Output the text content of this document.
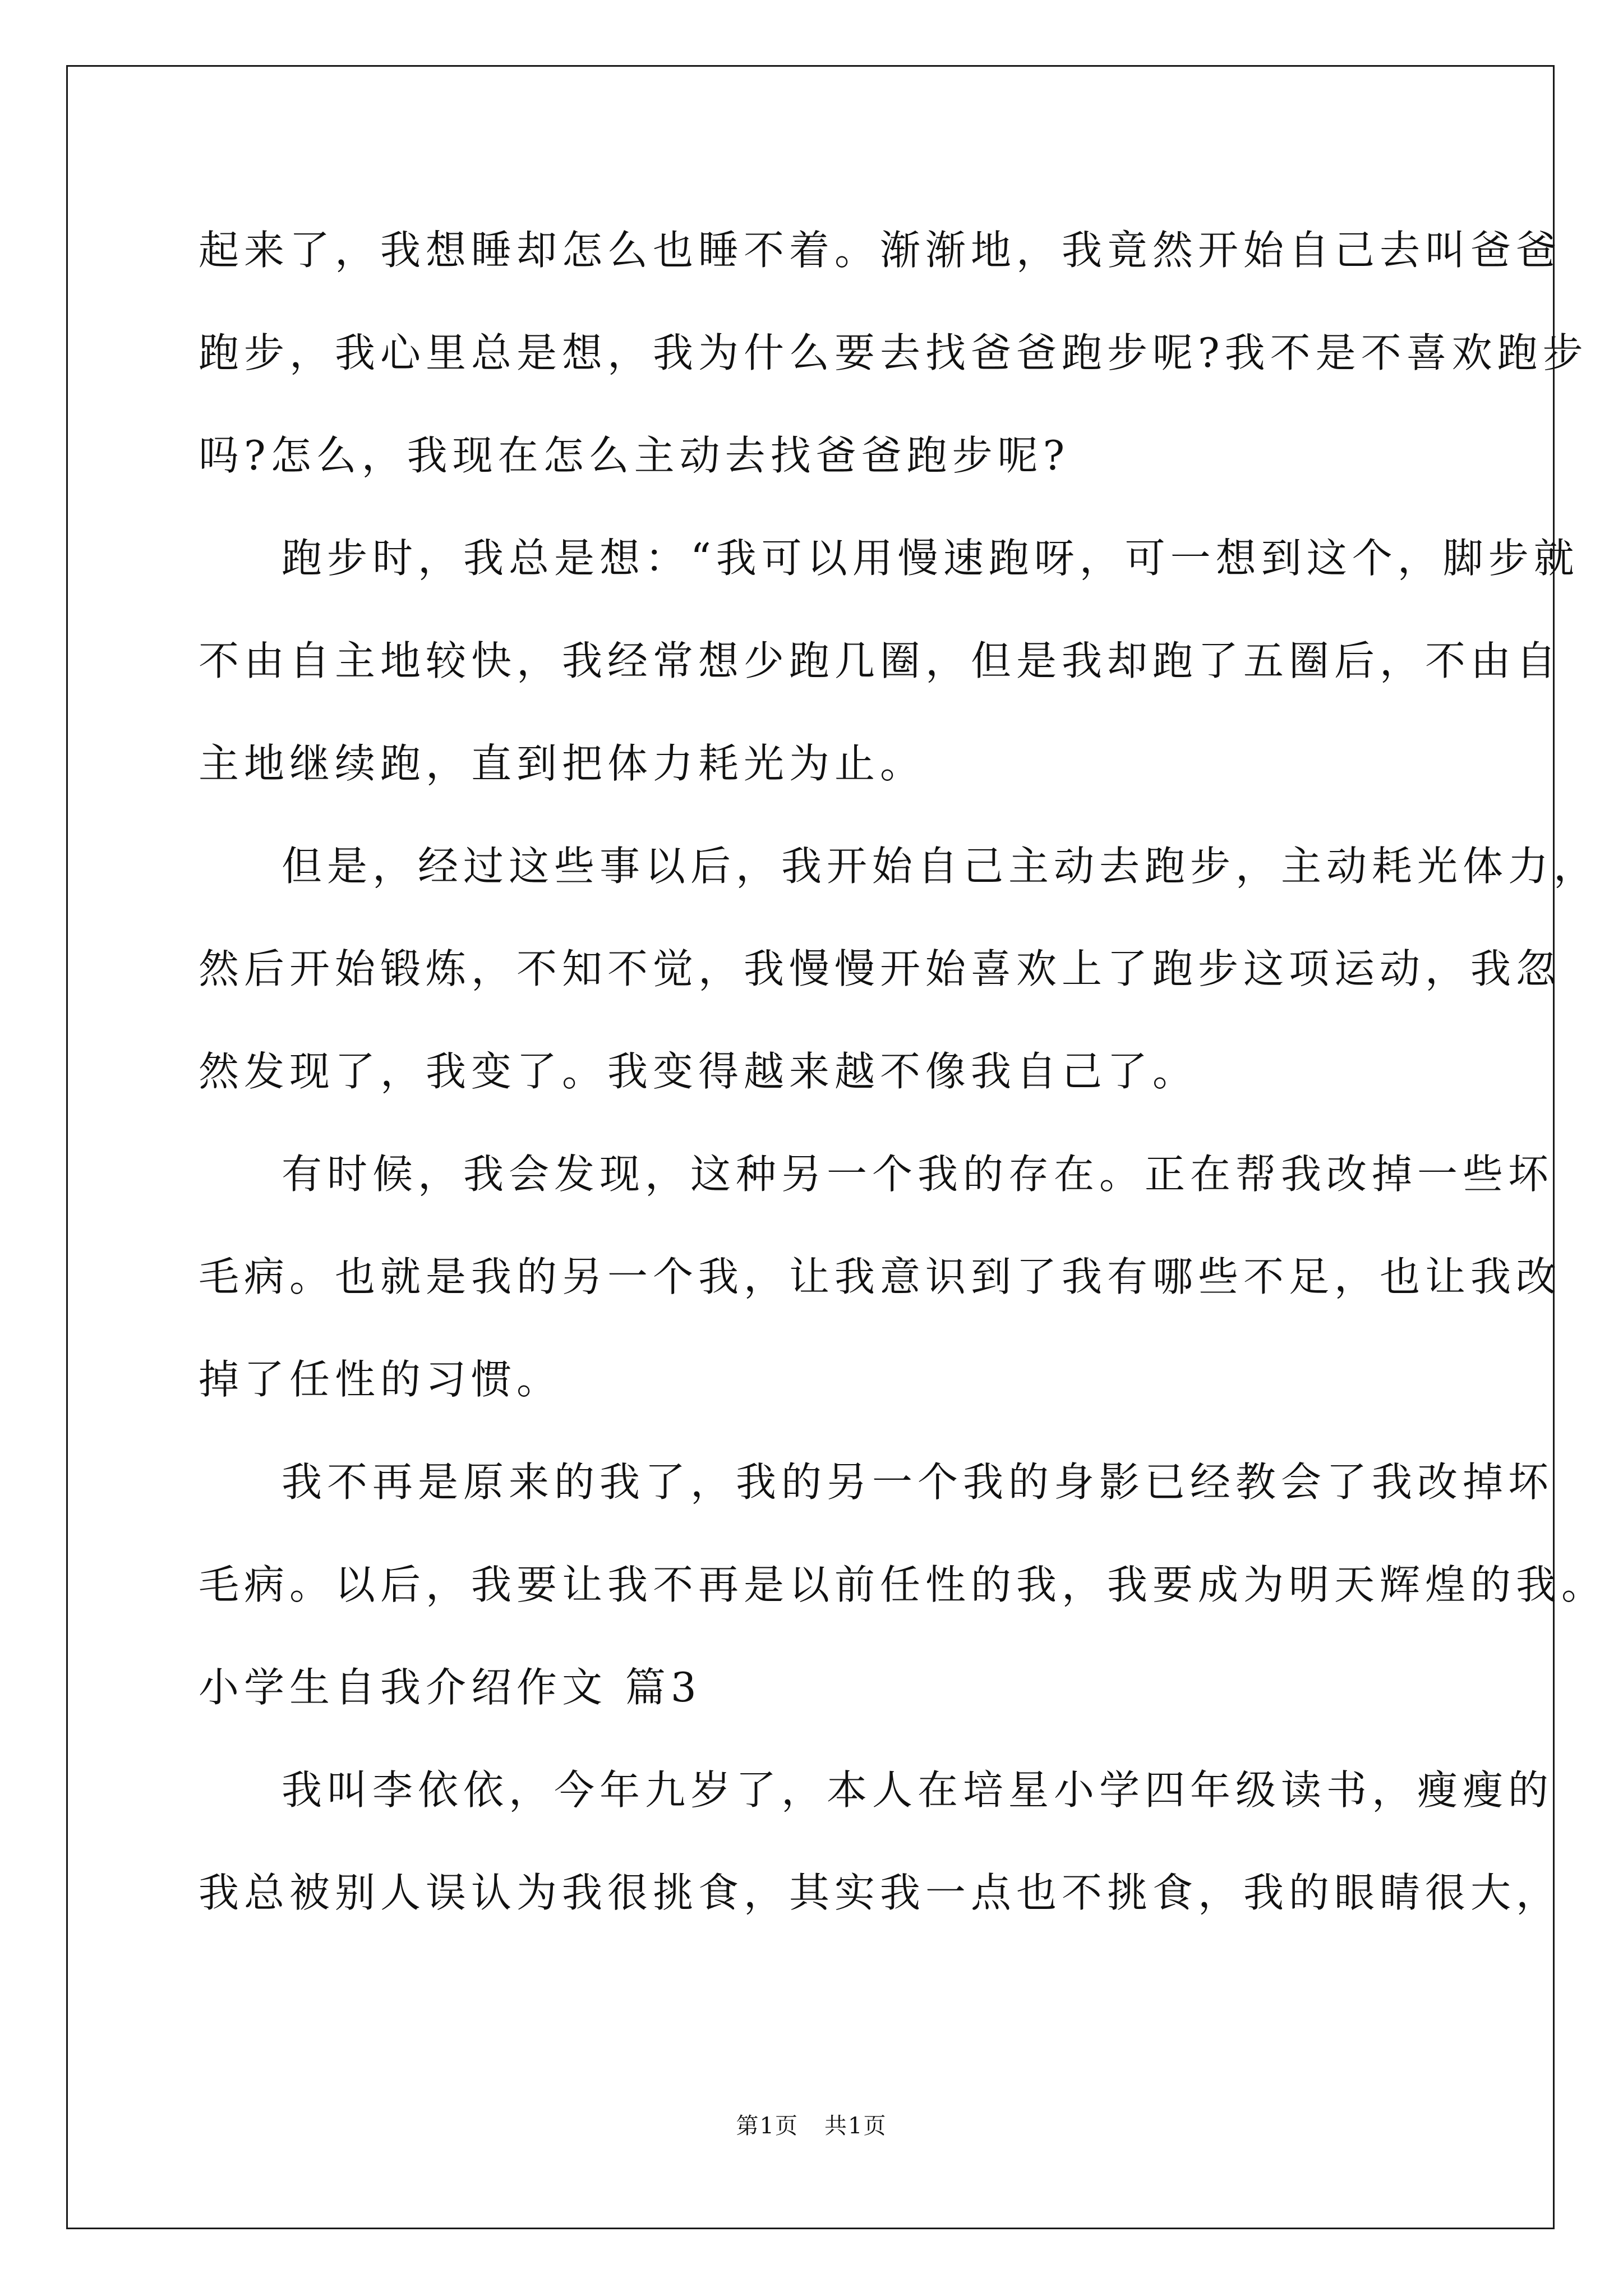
起来了，我想睡却怎么也睡不着。渐渐地，我竟然开始自己去叫爸爸
跑步，我心里总是想，我为什么要去找爸爸跑步呢?我不是不喜欢跑步
吗?怎么，我现在怎么主动去找爸爸跑步呢?
跑步时，我总是想：“我可以用慢速跑呀，可一想到这个，脚步就
不由自主地较快，我经常想少跑几圈，但是我却跑了五圈后，不由自
主地继续跑，直到把体力耗光为止。
但是，经过这些事以后，我开始自己主动去跑步，主动耗光体力，
然后开始锻炼，不知不觉，我慢慢开始喜欢上了跑步这项运动，我忽
然发现了，我变了。我变得越来越不像我自己了。
有时候，我会发现，这种另一个我的存在。正在帮我改掉一些坏
毛病。也就是我的另一个我，让我意识到了我有哪些不足，也让我改
掉了任性的习惯。
我不再是原来的我了，我的另一个我的身影已经教会了我改掉坏
毛病。以后，我要让我不再是以前任性的我，我要成为明天辉煌的我。
小学生自我介绍作文 篇3
我叫李依依，今年九岁了，本人在培星小学四年级读书，瘦瘦的
我总被别人误认为我很挑食，其实我一点也不挑食，我的眼睛很大，
第1页 共1页
